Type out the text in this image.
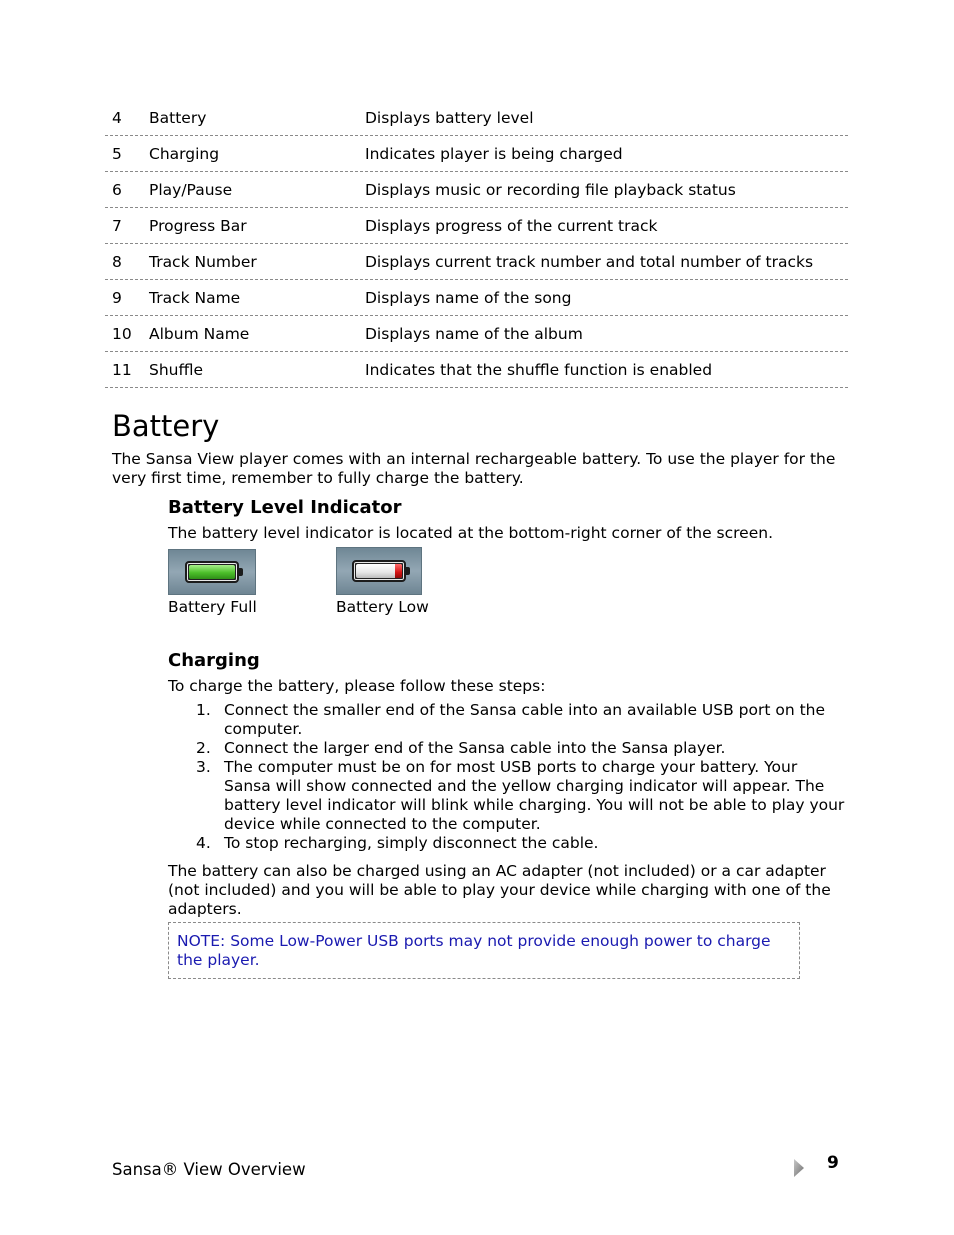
4 Battery	Displays battery level
5 Charging	Indicates player is being charged
6 Play/Pause	Displays music or recording file playback status
7 Progress Bar	Displays progress of the current track
8 Track Number	Displays current track number and total number of tracks
9 Track Name	Displays name of the song
10 Album Name	Displays name of the album
11 Shuffle	Indicates that the shuffle function is enabled
Battery

The Sansa View player comes with an internal rechargeable battery. To use the player for the very first time, remember to fully charge the battery.

Battery Level Indicator

The battery level indicator is located at the bottom-right corner of the screen.

Battery Full	Battery Low

Charging

To charge the battery, please follow these steps:

1. Connect the smaller end of the Sansa cable into an available USB port on the computer.
2. Connect the larger end of the Sansa cable into the Sansa player.
3. The computer must be on for most USB ports to charge your battery. Your Sansa will show connected and the yellow charging indicator will appear. The battery level indicator will blink while charging. You will not be able to play your device while connected to the computer.
4. To stop recharging, simply disconnect the cable.

The battery can also be charged using an AC adapter (not included) or a car adapter (not included) and you will be able to play your device while charging with one of the adapters.

NOTE: Some Low-Power USB ports may not provide enough power to charge the player.
Sansa® View Overview	9
